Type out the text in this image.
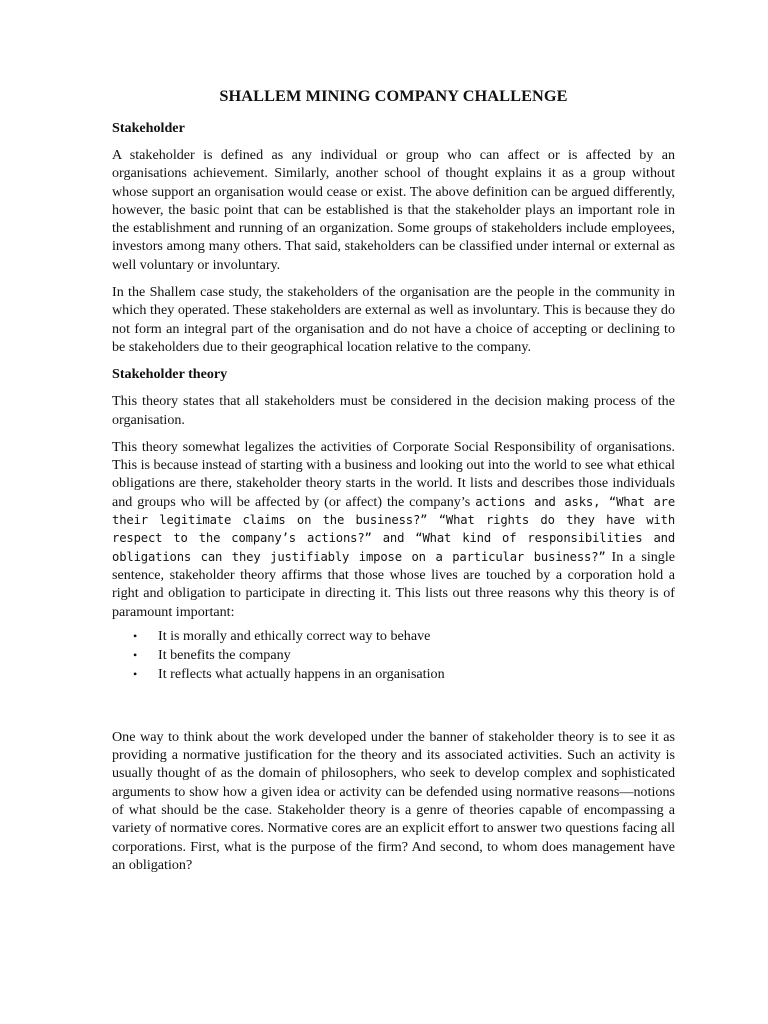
SHALLEM MINING COMPANY CHALLENGE
Stakeholder

A stakeholder is defined as any individual or group who can affect or is affected by an organisations achievement. Similarly, another school of thought explains it as a group without whose support an organisation would cease or exist. The above definition can be argued differently, however, the basic point that can be established is that the stakeholder plays an important role in the establishment and running of an organization. Some groups of stakeholders include employees, investors among many others. That said, stakeholders can be classified under internal or external as well voluntary or involuntary.

In the Shallem case study, the stakeholders of the organisation are the people in the community in which they operated. These stakeholders are external as well as involuntary. This is because they do not form an integral part of the organisation and do not have a choice of accepting or declining to be stakeholders due to their geographical location relative to the company.

Stakeholder theory

This theory states that all stakeholders must be considered in the decision making process of the organisation.

This theory somewhat legalizes the activities of Corporate Social Responsibility of organisations. This is because instead of starting with a business and looking out into the world to see what ethical obligations are there, stakeholder theory starts in the world. It lists and describes those individuals and groups who will be affected by (or affect) the company’s actions and asks, “What are their legitimate claims on the business?” “What rights do they have with respect to the company’s actions?” and “What kind of responsibilities and obligations can they justifiably impose on a particular business?” In a single sentence, stakeholder theory affirms that those whose lives are touched by a corporation hold a right and obligation to participate in directing it. This lists out three reasons why this theory is of paramount important:

• It is morally and ethically correct way to behave
• It benefits the company
• It reflects what actually happens in an organisation

One way to think about the work developed under the banner of stakeholder theory is to see it as providing a normative justification for the theory and its associated activities. Such an activity is usually thought of as the domain of philosophers, who seek to develop complex and sophisticated arguments to show how a given idea or activity can be defended using normative reasons—notions of what should be the case. Stakeholder theory is a genre of theories capable of encompassing a variety of normative cores. Normative cores are an explicit effort to answer two questions facing all corporations. First, what is the purpose of the firm? And second, to whom does management have an obligation?
